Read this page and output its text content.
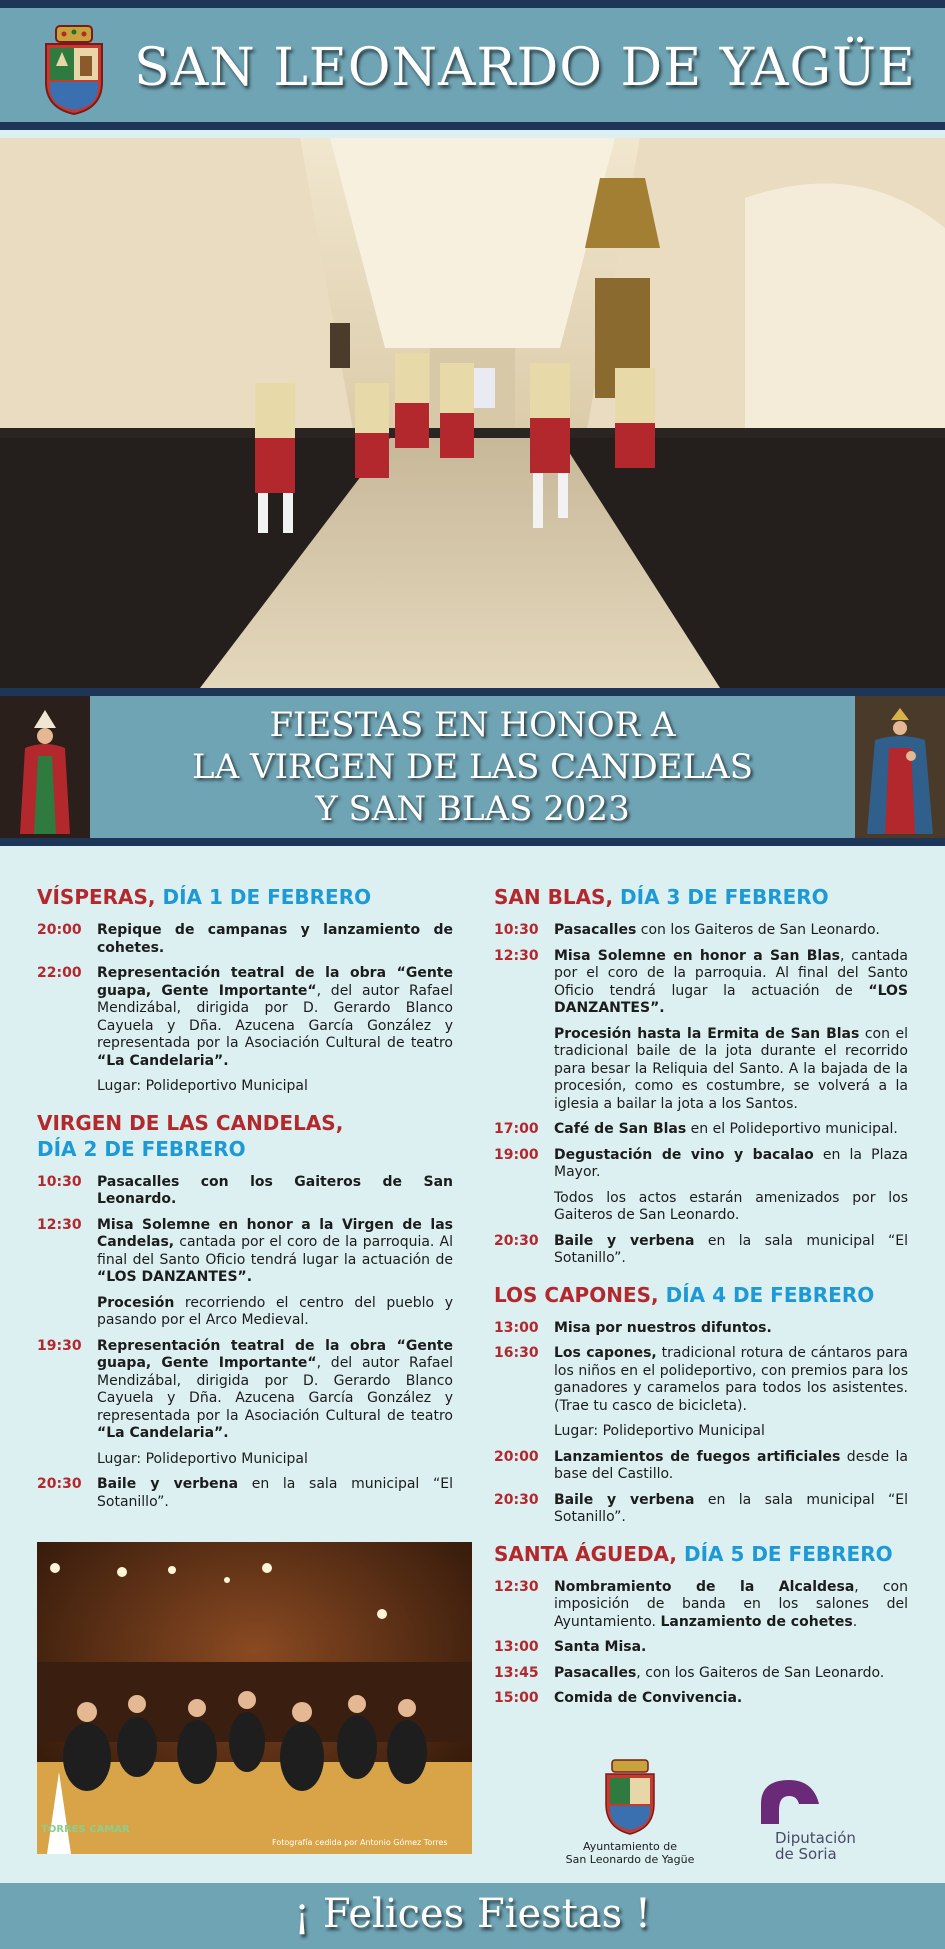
SAN LEONARDO DE YAGÜE
FIESTAS EN HONOR A
LA VIRGEN DE LAS CANDELAS
Y SAN BLAS 2023
VÍSPERAS, DÍA 1 DE FEBRERO
20:00	Repique de campanas y lanzamiento de cohetes.
22:00	Representación teatral de la obra “Gente guapa, Gente Importante“, del autor Rafael Mendizábal, dirigida por D. Gerardo Blanco Cayuela y Dña. Azucena García González y representada por la Asociación Cultural de teatro “La Candelaria”.
Lugar: Polideportivo Municipal
VIRGEN DE LAS CANDELAS,
DÍA 2 DE FEBRERO
10:30	Pasacalles con los Gaiteros de San Leonardo.
12:30	Misa Solemne en honor a la Virgen de las Candelas, cantada por el coro de la parroquia. Al final del Santo Oficio tendrá lugar la actuación de “LOS DANZANTES”.
Procesión recorriendo el centro del pueblo y pasando por el Arco Medieval.
19:30	Representación teatral de la obra “Gente guapa, Gente Importante“, del autor Rafael Mendizábal, dirigida por D. Gerardo Blanco Cayuela y Dña. Azucena García González y representada por la Asociación Cultural de teatro “La Candelaria”.
Lugar: Polideportivo Municipal
20:30	Baile y verbena en la sala municipal “El Sotanillo”.
TORRES CAMAR
Fotografía cedida por Antonio Gómez Torres
SAN BLAS, DÍA 3 DE FEBRERO
10:30	Pasacalles con los Gaiteros de San Leonardo.
12:30	Misa Solemne en honor a San Blas, cantada por el coro de la parroquia. Al final del Santo Oficio tendrá lugar la actuación de “LOS DANZANTES”.
Procesión hasta la Ermita de San Blas con el tradicional baile de la jota durante el recorrido para besar la Reliquia del Santo. A la bajada de la procesión, como es costumbre, se volverá a la iglesia a bailar la jota a los Santos.
17:00	Café de San Blas en el Polideportivo municipal.
19:00	Degustación de vino y bacalao en la Plaza Mayor.
Todos los actos estarán amenizados por los Gaiteros de San Leonardo.
20:30	Baile y verbena en la sala municipal “El Sotanillo”.
LOS CAPONES, DÍA 4 DE FEBRERO
13:00	Misa por nuestros difuntos.
16:30	Los capones, tradicional rotura de cántaros para los niños en el polideportivo, con premios para los ganadores y caramelos para todos los asistentes. (Trae tu casco de bicicleta).
Lugar: Polideportivo Municipal
20:00	Lanzamientos de fuegos artificiales desde la base del Castillo.
20:30	Baile y verbena en la sala municipal “El Sotanillo”.
SANTA ÁGUEDA, DÍA 5 DE FEBRERO
12:30	Nombramiento de la Alcaldesa, con imposición de banda en los salones del Ayuntamiento. Lanzamiento de cohetes.
13:00	Santa Misa.
13:45	Pasacalles, con los Gaiteros de San Leonardo.
15:00	Comida de Convivencia.
Ayuntamiento de
San Leonardo de Yagüe
Diputación
de Soria
¡ Felices Fiestas !
